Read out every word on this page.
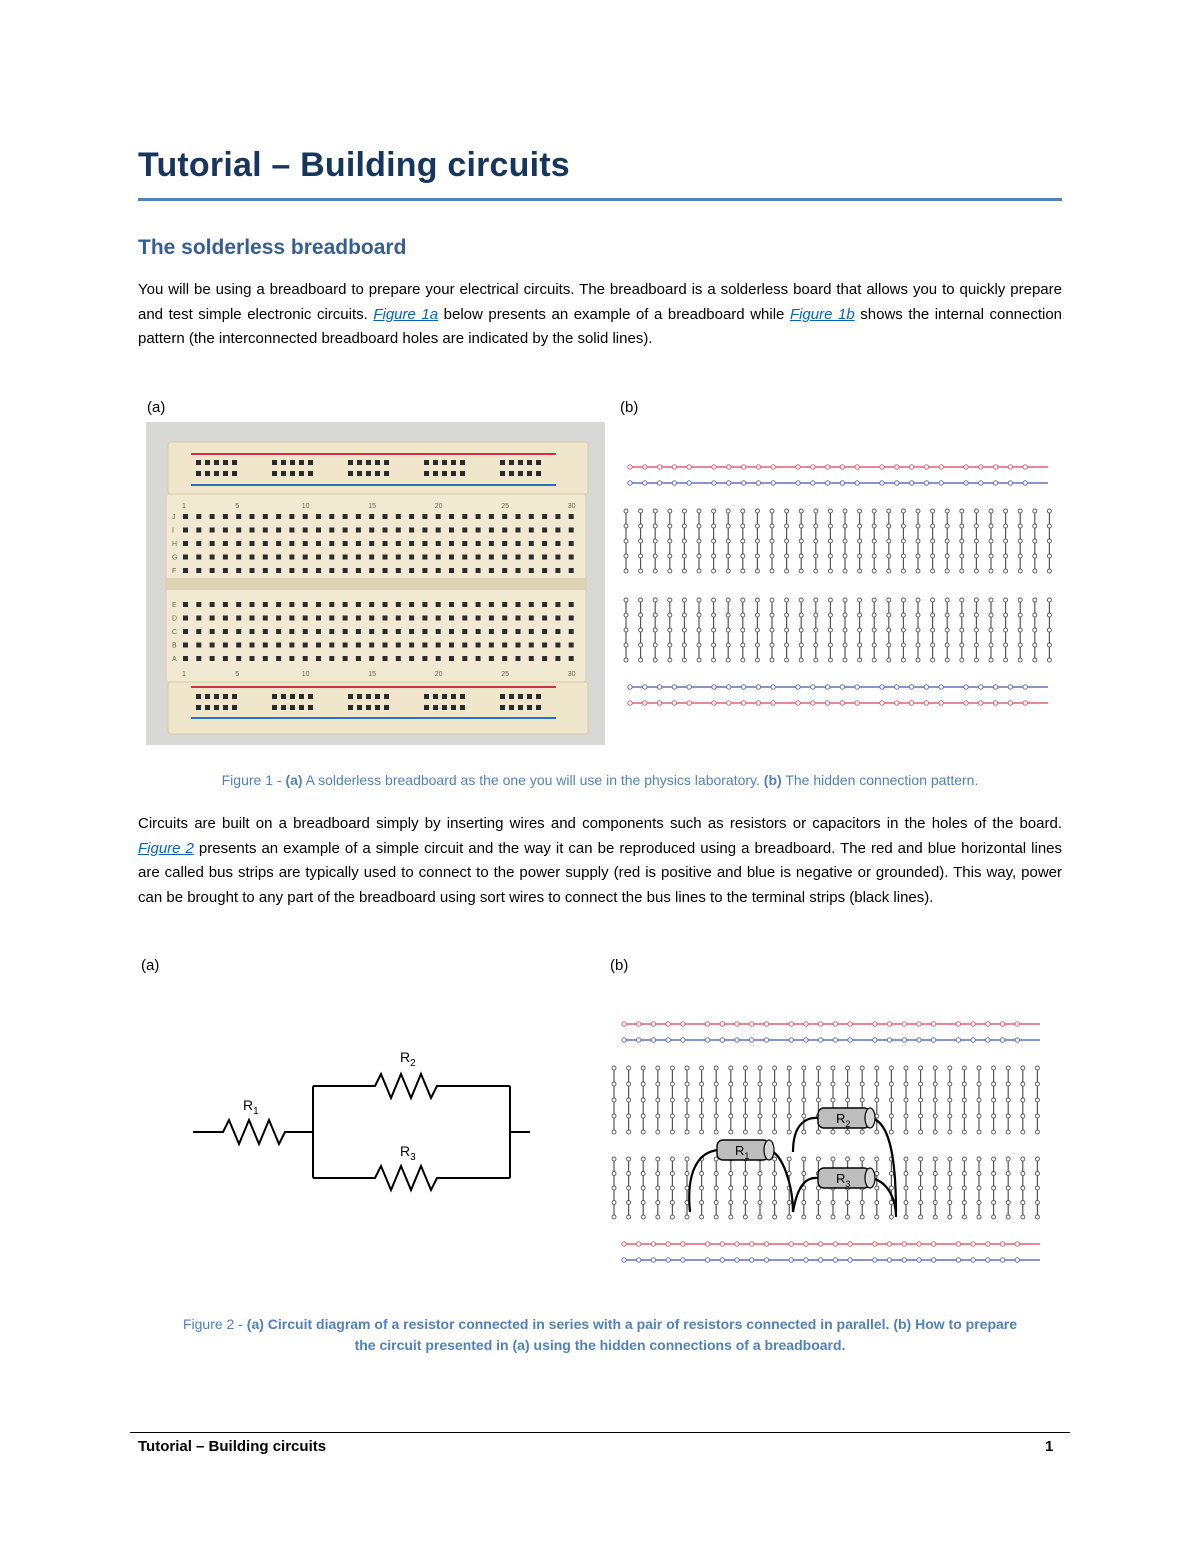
Tutorial – Building circuits
The solderless breadboard

You will be using a breadboard to prepare your electrical circuits. The breadboard is a solderless board that allows you to quickly prepare and test simple electronic circuits. Figure 1a below presents an example of a breadboard while Figure 1b shows the internal connection pattern (the interconnected breadboard holes are indicated by the solid lines).

(a)	(b)
1	5	10	15	20	25	30
1	5	10	15	20	25	30
J
I
H
G
F
E
D
C
B
A

Figure 1 - (a) A solderless breadboard as the one you will use in the physics laboratory. (b) The hidden connection pattern.

Circuits are built on a breadboard simply by inserting wires and components such as resistors or capacitors in the holes of the board. Figure 2 presents an example of a simple circuit and the way it can be reproduced using a breadboard. The red and blue horizontal lines are called bus strips are typically used to connect to the power supply (red is positive and blue is negative or grounded). This way, power can be brought to any part of the breadboard using sort wires to connect the bus lines to the terminal strips (black lines).

(a)	(b)
$R_1$
$R_2$
$R_3$	$R_1$
$R_2$
$R_3$

Figure 2 - (a) Circuit diagram of a resistor connected in series with a pair of resistors connected in parallel. (b) How to prepare
the circuit presented in (a) using the hidden connections of a breadboard.

Tutorial – Building circuits	1
